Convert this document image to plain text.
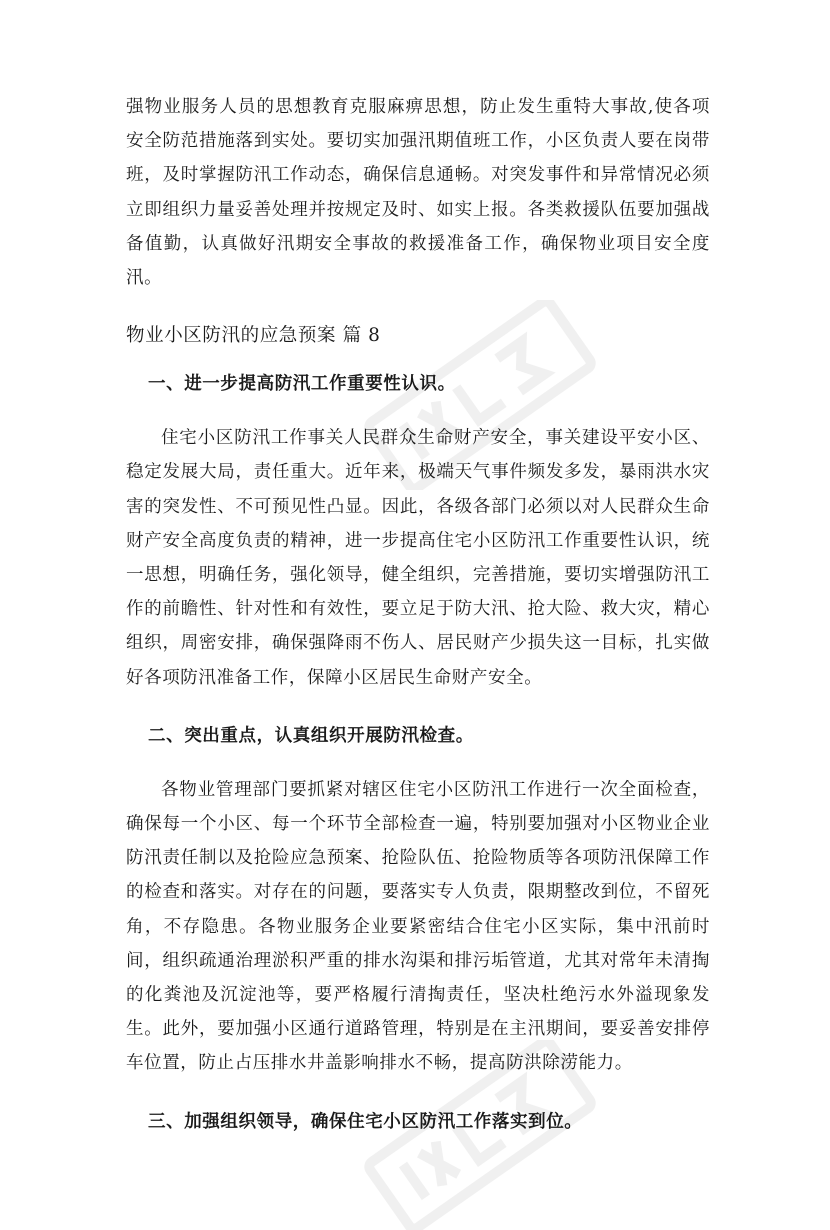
强物业服务人员的思想教育克服麻痹思想，防止发生重特大事故,使各项安全防范措施落到实处。要切实加强汛期值班工作，小区负责人要在岗带班，及时掌握防汛工作动态，确保信息通畅。对突发事件和异常情况必须立即组织力量妥善处理并按规定及时、如实上报。各类救援队伍要加强战备值勤，认真做好汛期安全事故的救援准备工作，确保物业项目安全度汛。

物业小区防汛的应急预案 篇 8

一、进一步提高防汛工作重要性认识。

住宅小区防汛工作事关人民群众生命财产安全，事关建设平安小区、稳定发展大局，责任重大。近年来，极端天气事件频发多发，暴雨洪水灾害的突发性、不可预见性凸显。因此，各级各部门必须以对人民群众生命财产安全高度负责的精神，进一步提高住宅小区防汛工作重要性认识，统一思想，明确任务，强化领导，健全组织，完善措施，要切实增强防汛工作的前瞻性、针对性和有效性，要立足于防大汛、抢大险、救大灾，精心组织，周密安排，确保强降雨不伤人、居民财产少损失这一目标，扎实做好各项防汛准备工作，保障小区居民生命财产安全。

二、突出重点，认真组织开展防汛检查。

各物业管理部门要抓紧对辖区住宅小区防汛工作进行一次全面检查，确保每一个小区、每一个环节全部检查一遍，特别要加强对小区物业企业防汛责任制以及抢险应急预案、抢险队伍、抢险物质等各项防汛保障工作的检查和落实。对存在的问题，要落实专人负责，限期整改到位，不留死角，不存隐患。各物业服务企业要紧密结合住宅小区实际，集中汛前时间，组织疏通治理淤积严重的排水沟渠和排污垢管道，尤其对常年未清掏的化粪池及沉淀池等，要严格履行清掏责任，坚决杜绝污水外溢现象发生。此外，要加强小区通行道路管理，特别是在主汛期间，要妥善安排停车位置，防止占压排水井盖影响排水不畅，提高防洪除涝能力。

三、加强组织领导，确保住宅小区防汛工作落实到位。
